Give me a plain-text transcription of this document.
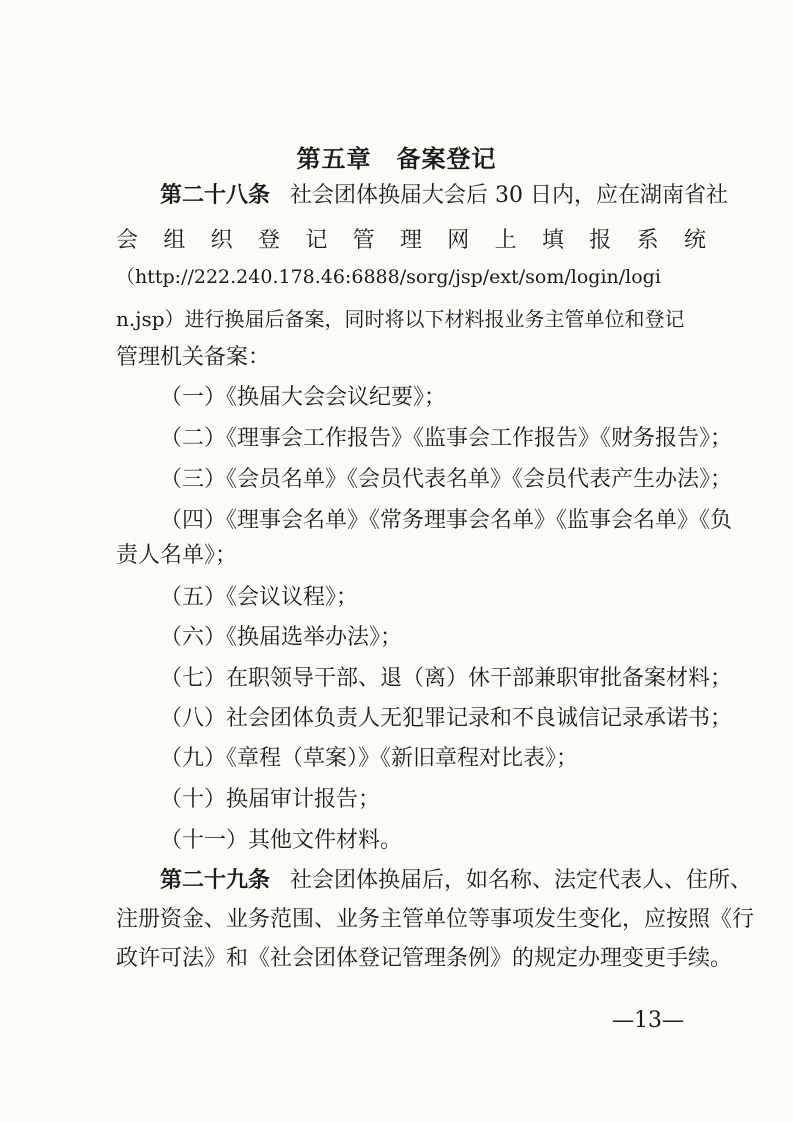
第五章　备案登记
第二十八条 社会团体换届大会后 30 日内，应在湖南省社
会 组 织 登 记 管 理 网 上 填 报 系 统
（http://222.240.178.46:6888/sorg/jsp/ext/som/login/logi
n.jsp）进行换届后备案，同时将以下材料报业务主管单位和登记
管理机关备案：
（一）《换届大会会议纪要》；
（二）《理事会工作报告》《监事会工作报告》《财务报告》；
（三）《会员名单》《会员代表名单》《会员代表产生办法》；
（四）《理事会名单》《常务理事会名单》《监事会名单》《负
责人名单》；
（五）《会议议程》；
（六）《换届选举办法》；
（七）在职领导干部、退（离）休干部兼职审批备案材料；
（八）社会团体负责人无犯罪记录和不良诚信记录承诺书；
（九）《章程（草案）》《新旧章程对比表》；
（十）换届审计报告；
（十一）其他文件材料。
第二十九条 社会团体换届后，如名称、法定代表人、住所、
注册资金、业务范围、业务主管单位等事项发生变化，应按照《行
政许可法》和《社会团体登记管理条例》的规定办理变更手续。
—13—
